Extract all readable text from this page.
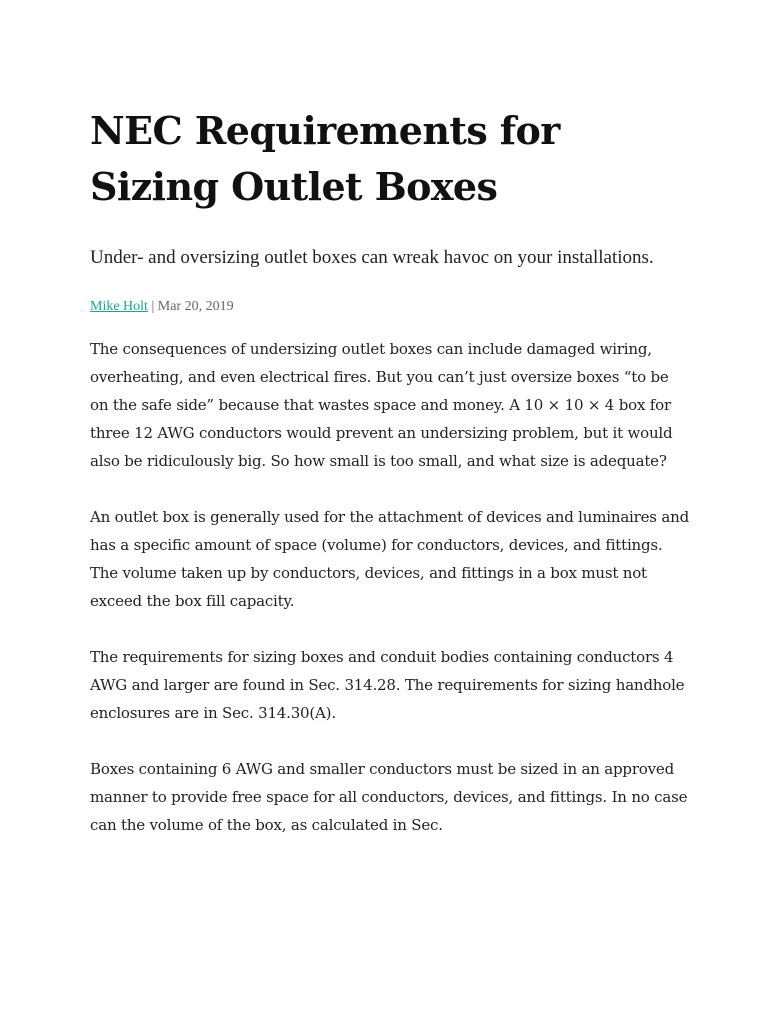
NEC Requirements for Sizing Outlet Boxes

Under- and oversizing outlet boxes can wreak havoc on your installations.

Mike Holt | Mar 20, 2019

The consequences of undersizing outlet boxes can include damaged wiring, overheating, and even electrical fires. But you can’t just oversize boxes “to be on the safe side” because that wastes space and money. A 10 × 10 × 4 box for three 12 AWG conductors would prevent an undersizing problem, but it would also be ridiculously big. So how small is too small, and what size is adequate?

An outlet box is generally used for the attachment of devices and luminaires and has a specific amount of space (volume) for conductors, devices, and fittings. The volume taken up by conductors, devices, and fittings in a box must not exceed the box fill capacity.

The requirements for sizing boxes and conduit bodies containing conductors 4 AWG and larger are found in Sec. 314.28. The requirements for sizing handhole enclosures are in Sec. 314.30(A).

Boxes containing 6 AWG and smaller conductors must be sized in an approved manner to provide free space for all conductors, devices, and fittings. In no case can the volume of the box, as calculated in Sec.
